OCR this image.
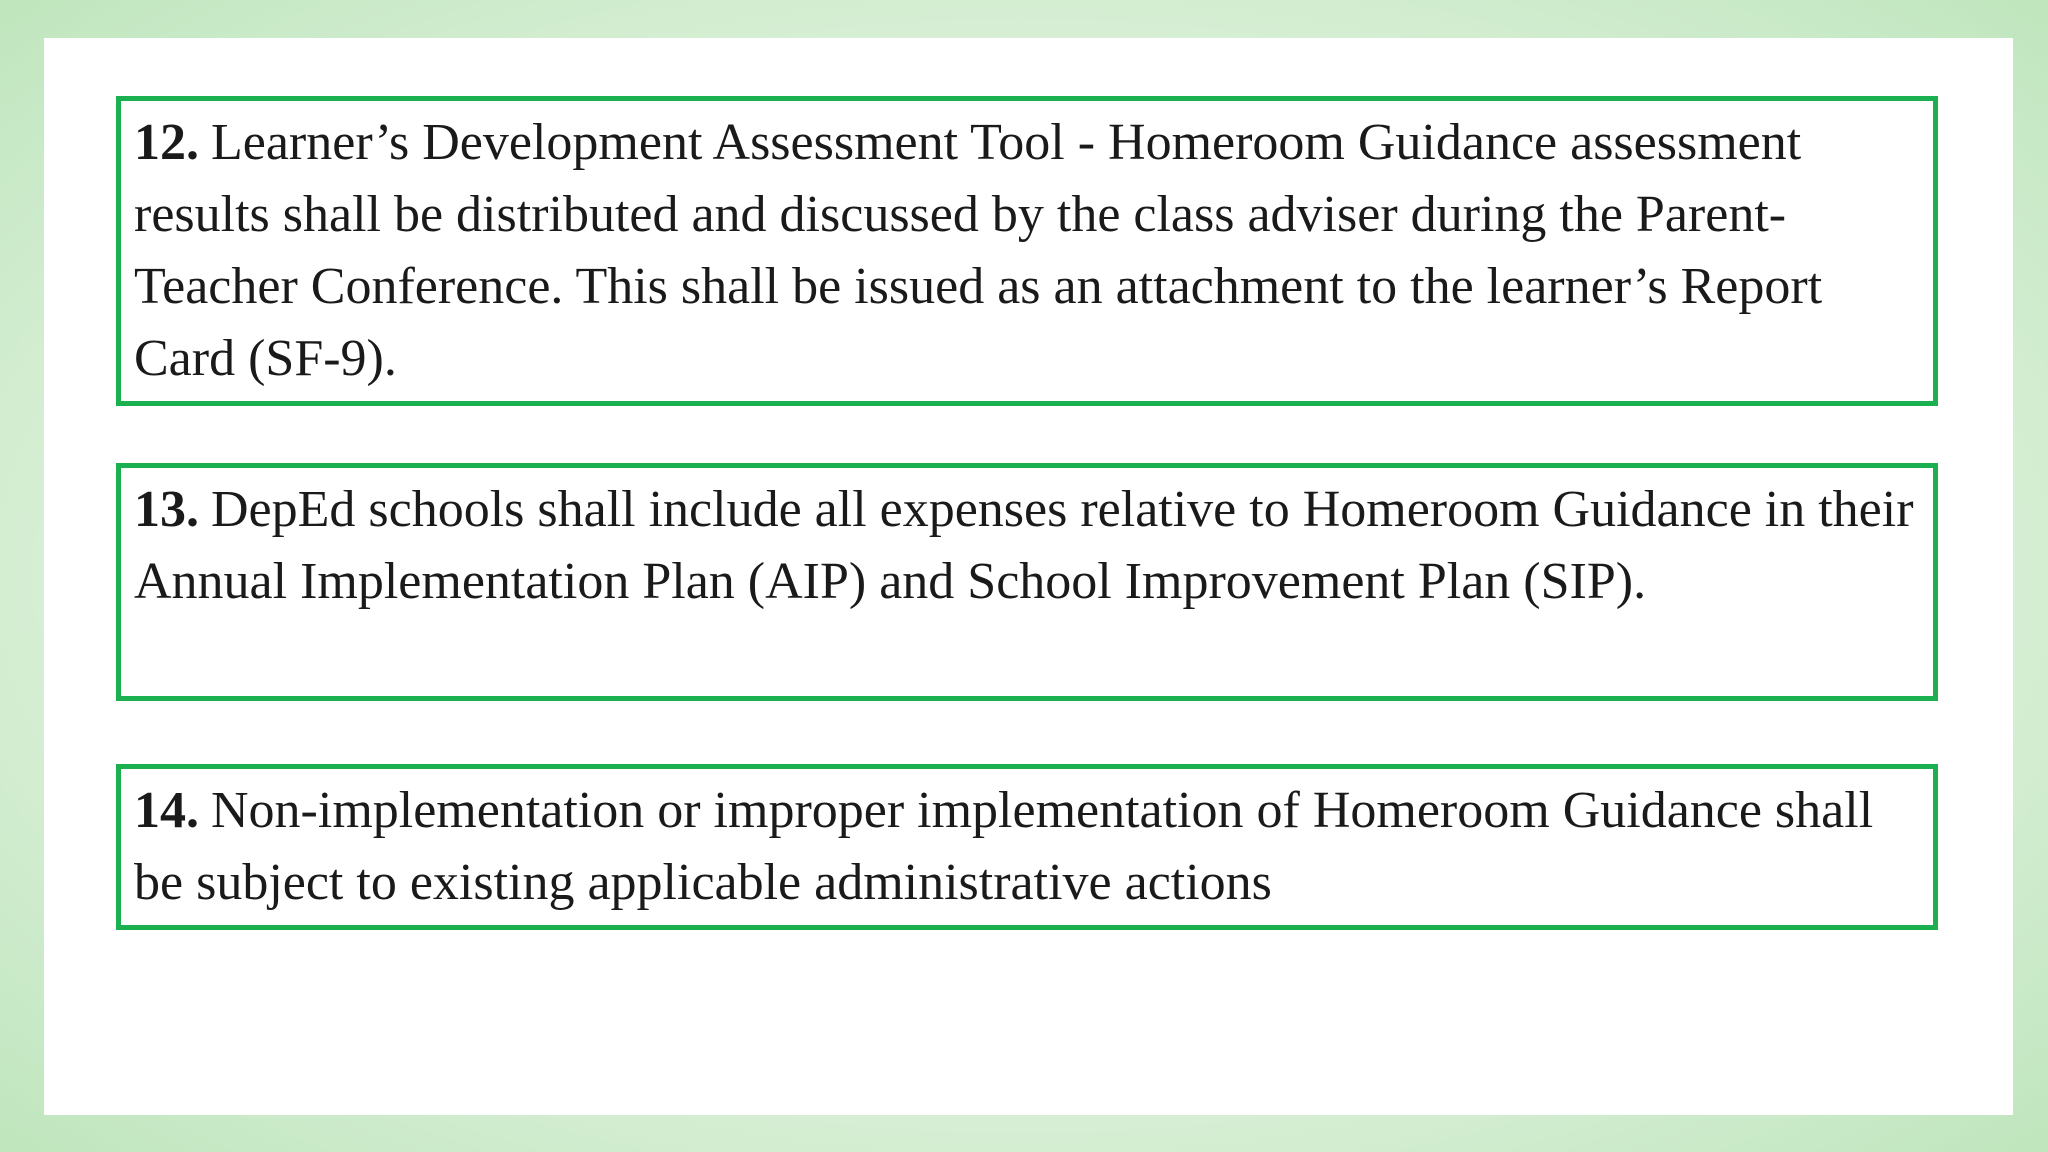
12. Learner’s Development Assessment Tool - Homeroom Guidance assessment results shall be distributed and discussed by the class adviser during the Parent-Teacher Conference. This shall be issued as an attachment to the learner’s Report Card (SF-9).
13. DepEd schools shall include all expenses relative to Homeroom Guidance in their Annual Implementation Plan (AIP) and School Improvement Plan (SIP).
14. Non-implementation or improper implementation of Homeroom Guidance shall be subject to existing applicable administrative actions
